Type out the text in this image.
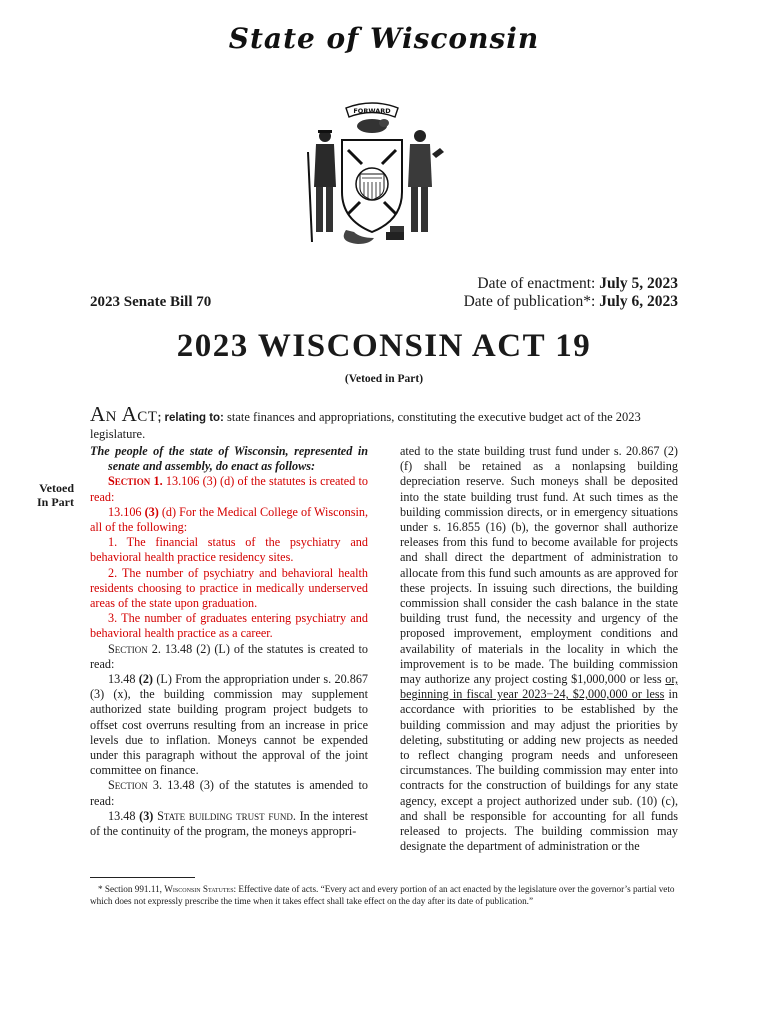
State of Wisconsin
FORWARD
2023 Senate Bill 70
Date of enactment: July 5, 2023
Date of publication*: July 6, 2023
2023 WISCONSIN ACT 19
(Vetoed in Part)
An Act; relating to: state finances and appropriations, constituting the executive budget act of the 2023 legislature.
Vetoed
In Part

The people of the state of Wisconsin, represented in senate and assembly, do enact as follows:

Section 1. 13.106 (3) (d) of the statutes is created to read:

13.106 (3) (d) For the Medical College of Wisconsin, all of the following:

1. The financial status of the psychiatry and behavioral health practice residency sites.

2. The number of psychiatry and behavioral health residents choosing to practice in medically underserved areas of the state upon graduation.

3. The number of graduates entering psychiatry and behavioral health practice as a career.

Section 2. 13.48 (2) (L) of the statutes is created to read:

13.48 (2) (L) From the appropriation under s. 20.867 (3) (x), the building commission may supplement authorized state building program project budgets to offset cost overruns resulting from an increase in price levels due to inflation. Moneys cannot be expended under this paragraph without the approval of the joint committee on finance.

Section 3. 13.48 (3) of the statutes is amended to read:

13.48 (3) State building trust fund. In the interest of the continuity of the program, the moneys appropri-

ated to the state building trust fund under s. 20.867 (2) (f) shall be retained as a nonlapsing building depreciation reserve. Such moneys shall be deposited into the state building trust fund. At such times as the building commission directs, or in emergency situations under s. 16.855 (16) (b), the governor shall authorize releases from this fund to become available for projects and shall direct the department of administration to allocate from this fund such amounts as are approved for these projects. In issuing such directions, the building commission shall consider the cash balance in the state building trust fund, the necessity and urgency of the proposed improvement, employment conditions and availability of materials in the locality in which the improvement is to be made. The building commission may authorize any project costing $1,000,000 or less or, beginning in fiscal year 2023−24, $2,000,000 or less in accordance with priorities to be established by the building commission and may adjust the priorities by deleting, substituting or adding new projects as needed to reflect changing program needs and unforeseen circumstances. The building commission may enter into contracts for the construction of buildings for any state agency, except a project authorized under sub. (10) (c), and shall be responsible for accounting for all funds released to projects. The building commission may designate the department of administration or the

* Section 991.11, Wisconsin Statutes: Effective date of acts. “Every act and every portion of an act enacted by the legislature over the governor’s partial veto which does not expressly prescribe the time when it takes effect shall take effect on the day after its date of publication.”
